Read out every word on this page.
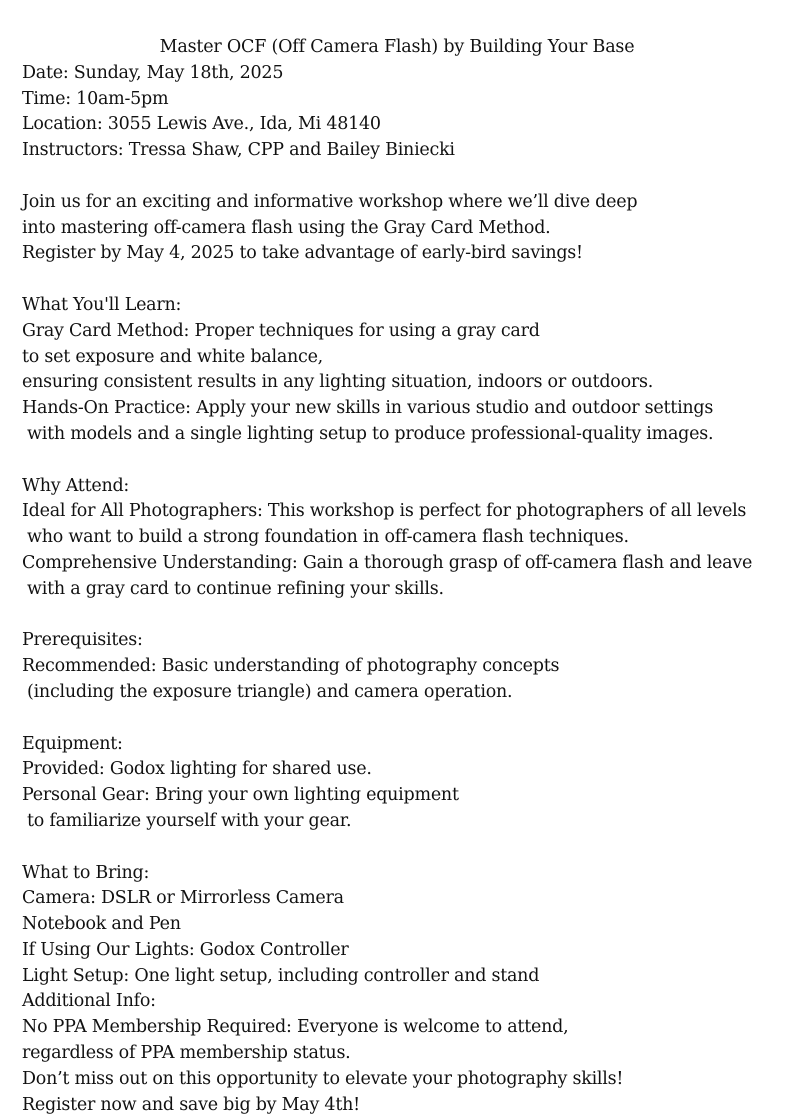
Master OCF (Off Camera Flash) by Building Your Base
Date: Sunday, May 18th, 2025
Time: 10am-5pm
Location: 3055 Lewis Ave., Ida, Mi 48140
Instructors: Tressa Shaw, CPP and Bailey Biniecki
Join us for an exciting and informative workshop where we’ll dive deep
into mastering off-camera flash using the Gray Card Method.
Register by May 4, 2025 to take advantage of early-bird savings!
What You'll Learn:
Gray Card Method: Proper techniques for using a gray card
to set exposure and white balance,
ensuring consistent results in any lighting situation, indoors or outdoors.
Hands-On Practice: Apply your new skills in various studio and outdoor settings
with models and a single lighting setup to produce professional-quality images.
Why Attend:
Ideal for All Photographers: This workshop is perfect for photographers of all levels
who want to build a strong foundation in off-camera flash techniques.
Comprehensive Understanding: Gain a thorough grasp of off-camera flash and leave
with a gray card to continue refining your skills.
Prerequisites:
Recommended: Basic understanding of photography concepts
(including the exposure triangle) and camera operation.
Equipment:
Provided: Godox lighting for shared use.
Personal Gear: Bring your own lighting equipment
to familiarize yourself with your gear.
What to Bring:
Camera: DSLR or Mirrorless Camera
Notebook and Pen
If Using Our Lights: Godox Controller
Light Setup: One light setup, including controller and stand
Additional Info:
No PPA Membership Required: Everyone is welcome to attend,
regardless of PPA membership status.
Don’t miss out on this opportunity to elevate your photography skills!
Register now and save big by May 4th!
